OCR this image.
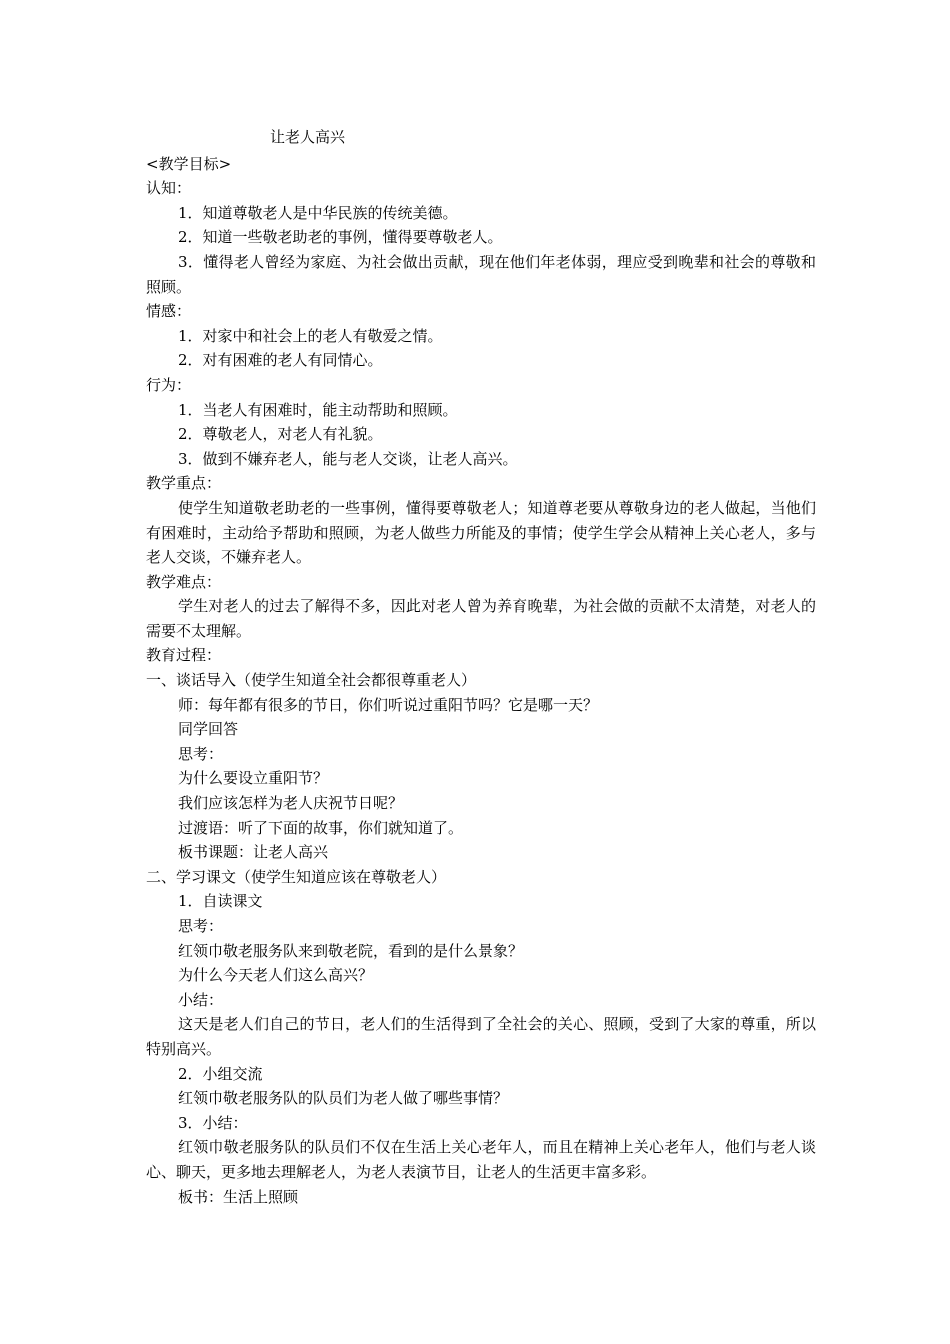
让老人高兴
<教学目标>
认知：
1．知道尊敬老人是中华民族的传统美德。
2．知道一些敬老助老的事例，懂得要尊敬老人。
3．懂得老人曾经为家庭、为社会做出贡献，现在他们年老体弱，理应受到晚辈和社会的尊敬和照顾。
情感：
1．对家中和社会上的老人有敬爱之情。
2．对有困难的老人有同情心。
行为：
1．当老人有困难时，能主动帮助和照顾。
2．尊敬老人，对老人有礼貌。
3．做到不嫌弃老人，能与老人交谈，让老人高兴。
教学重点：
使学生知道敬老助老的一些事例，懂得要尊敬老人；知道尊老要从尊敬身边的老人做起，当他们有困难时，主动给予帮助和照顾，为老人做些力所能及的事情；使学生学会从精神上关心老人，多与老人交谈，不嫌弃老人。
教学难点：
学生对老人的过去了解得不多，因此对老人曾为养育晚辈，为社会做的贡献不太清楚，对老人的需要不太理解。
教育过程：
一、谈话导入（使学生知道全社会都很尊重老人）
师：每年都有很多的节日，你们听说过重阳节吗？它是哪一天？
同学回答
思考：
为什么要设立重阳节？
我们应该怎样为老人庆祝节日呢？
过渡语：听了下面的故事，你们就知道了。
板书课题：让老人高兴
二、学习课文（使学生知道应该在尊敬老人）
1．自读课文
思考：
红领巾敬老服务队来到敬老院，看到的是什么景象？
为什么今天老人们这么高兴？
小结：
这天是老人们自己的节日，老人们的生活得到了全社会的关心、照顾，受到了大家的尊重，所以特别高兴。
2．小组交流
红领巾敬老服务队的队员们为老人做了哪些事情？
3．小结：
红领巾敬老服务队的队员们不仅在生活上关心老年人，而且在精神上关心老年人，他们与老人谈心、聊天，更多地去理解老人，为老人表演节目，让老人的生活更丰富多彩。
板书：生活上照顾
